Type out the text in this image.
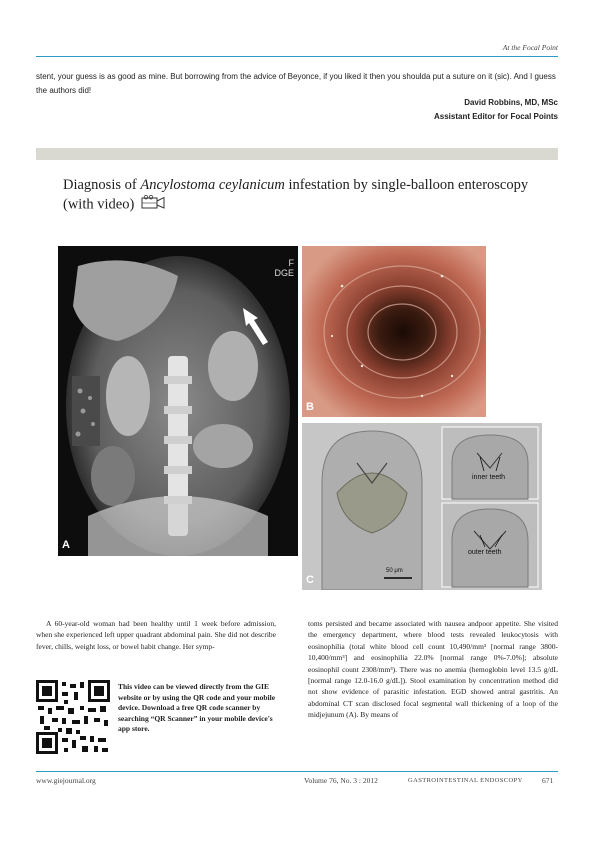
At the Focal Point
stent, your guess is as good as mine. But borrowing from the advice of Beyonce, if you liked it then you shoulda put a suture on it (sic). And I guess the authors did!
David Robbins, MD, MSc
Assistant Editor for Focal Points
Diagnosis of Ancylostoma ceylanicum infestation by single-balloon enteroscopy (with video)
A
F
DGE
B
inner teeth
outer teeth
50 μm
C

A 60-year-old woman had been healthy until 1 week before admission, when she experienced left upper quadrant abdominal pain. She did not describe fever, chills, weight loss, or bowel habit change. Her symp-

toms persisted and became associated with nausea andpoor appetite. She visited the emergency department, where blood tests revealed leukocytosis with eosinophilia (total white blood cell count 10,490/mm³ [normal range 3800-10,400/mm³] and eosinophilia 22.0% [normal range 0%-7.0%]; absolute eosinophil count 2308/mm³). There was no anemia (hemoglobin level 13.5 g/dL [normal range 12.0-16.0 g/dL]). Stool examination by concentration method did not show evidence of parasitic infestation. EGD showed antral gastritis. An abdominal CT scan disclosed focal segmental wall thickening of a loop of the midjejunum (A). By means of

This video can be viewed directly from the GIE website or by using the QR code and your mobile device. Download a free QR code scanner by searching “QR Scanner” in your mobile device's app store.
www.giejournal.org	Volume 76, No. 3 : 2012	GASTROINTESTINAL ENDOSCOPY	671
